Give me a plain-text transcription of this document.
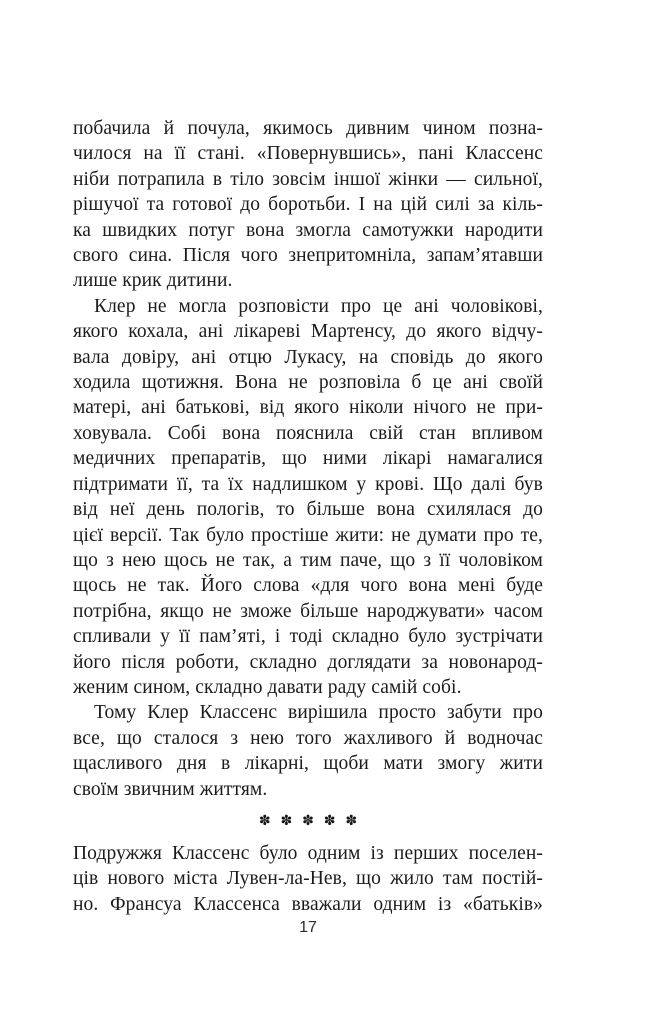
побачила й почула, якимось дивним чином позна-
чилося на її стані. «Повернувшись», пані Классенс
ніби потрапила в тіло зовсім іншої жінки — сильної,
рішучої та готової до боротьби. І на цій силі за кіль-
ка швидких потуг вона змогла самотужки народити
свого сина. Після чого знепритомніла, запам’ятавши
лише крик дитини.
Клер не могла розповісти про це ані чоловікові,
якого кохала, ані лікареві Мартенсу, до якого відчу-
вала довіру, ані отцю Лукасу, на сповідь до якого
ходила щотижня. Вона не розповіла б це ані своїй
матері, ані батькові, від якого ніколи нічого не при-
ховувала. Собі вона пояснила свій стан впливом
медичних препаратів, що ними лікарі намагалися
підтримати її, та їх надлишком у крові. Що далі був
від неї день пологів, то більше вона схилялася до
цієї версії. Так було простіше жити: не думати про те,
що з нею щось не так, а тим паче, що з її чоловіком
щось не так. Його слова «для чого вона мені буде
потрібна, якщо не зможе більше народжувати» часом
спливали у її пам’яті, і тоді складно було зустрічати
його після роботи, складно доглядати за новонарод-
женим сином, складно давати раду самій собі.
Тому Клер Классенс вирішила просто забути про
все, що сталося з нею того жахливого й водночас
щасливого дня в лікарні, щоби мати змогу жити
своїм звичним життям.
✽ ✽ ✽ ✽ ✽
Подружжя Классенс було одним із перших поселен-
ців нового міста Лувен-ла-Нев, що жило там постій-
но. Франсуа Классенса вважали одним із «батьків»
17
